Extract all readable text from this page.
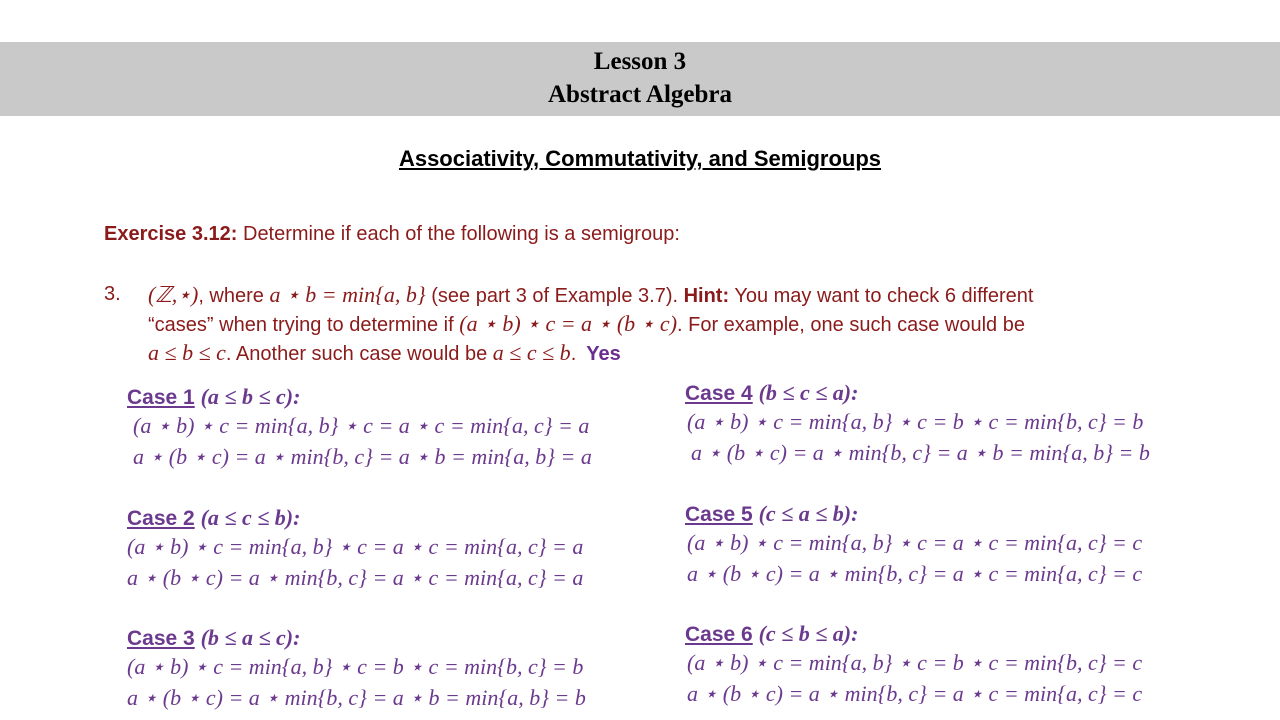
Lesson 3
Abstract Algebra
Associativity, Commutativity, and Semigroups
Exercise 3.12: Determine if each of the following is a semigroup:
3. (ℤ,⋆), where a ⋆ b = min{a, b} (see part 3 of Example 3.7). Hint: You may want to check 6 different
“cases” when trying to determine if (a ⋆ b) ⋆ c = a ⋆ (b ⋆ c). For example, one such case would be
a ≤ b ≤ c. Another such case would be a ≤ c ≤ b. Yes
Case 1 (a ≤ b ≤ c):
(a ⋆ b) ⋆ c = min{a, b} ⋆ c = a ⋆ c = min{a, c} = a
a ⋆ (b ⋆ c) = a ⋆ min{b, c} = a ⋆ b = min{a, b} = a
Case 2 (a ≤ c ≤ b):
(a ⋆ b) ⋆ c = min{a, b} ⋆ c = a ⋆ c = min{a, c} = a
a ⋆ (b ⋆ c) = a ⋆ min{b, c} = a ⋆ c = min{a, c} = a
Case 3 (b ≤ a ≤ c):
(a ⋆ b) ⋆ c = min{a, b} ⋆ c = b ⋆ c = min{b, c} = b
a ⋆ (b ⋆ c) = a ⋆ min{b, c} = a ⋆ b = min{a, b} = b
Case 4 (b ≤ c ≤ a):
(a ⋆ b) ⋆ c = min{a, b} ⋆ c = b ⋆ c = min{b, c} = b
a ⋆ (b ⋆ c) = a ⋆ min{b, c} = a ⋆ b = min{a, b} = b
Case 5 (c ≤ a ≤ b):
(a ⋆ b) ⋆ c = min{a, b} ⋆ c = a ⋆ c = min{a, c} = c
a ⋆ (b ⋆ c) = a ⋆ min{b, c} = a ⋆ c = min{a, c} = c
Case 6 (c ≤ b ≤ a):
(a ⋆ b) ⋆ c = min{a, b} ⋆ c = b ⋆ c = min{b, c} = c
a ⋆ (b ⋆ c) = a ⋆ min{b, c} = a ⋆ c = min{a, c} = c
